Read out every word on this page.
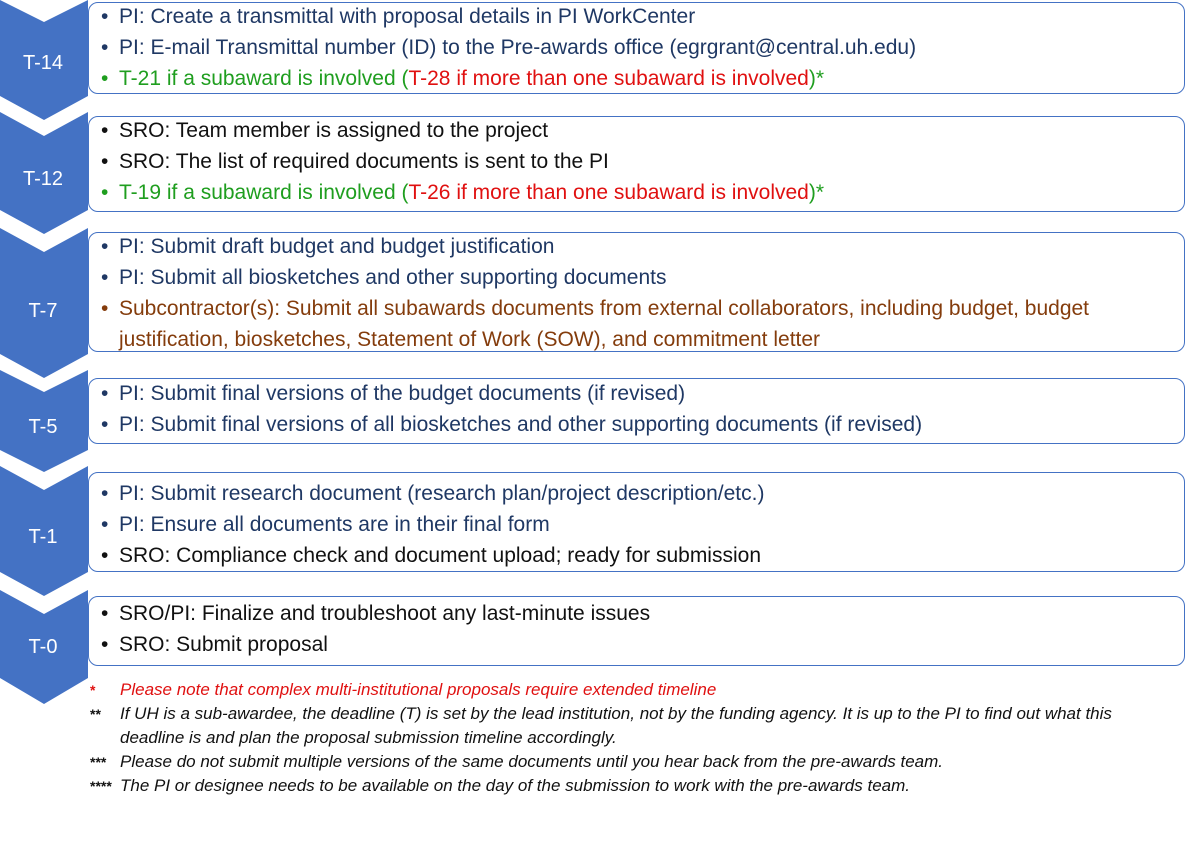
T-14
• PI: Create a transmittal with proposal details in PI WorkCenter
• PI: E-mail Transmittal number (ID) to the Pre-awards office (egrgrant@central.uh.edu)
• T-21 if a subaward is involved (T-28 if more than one subaward is involved)*
T-12
• SRO: Team member is assigned to the project
• SRO: The list of required documents is sent to the PI
• T-19 if a subaward is involved (T-26 if more than one subaward is involved)*
T-7
• PI: Submit draft budget and budget justification
• PI: Submit all biosketches and other supporting documents
• Subcontractor(s): Submit all subawards documents from external collaborators, including budget, budget justification, biosketches, Statement of Work (SOW), and commitment letter
T-5
• PI: Submit final versions of the budget documents (if revised)
• PI: Submit final versions of all biosketches and other supporting documents (if revised)
T-1
• PI: Submit research document (research plan/project description/etc.)
• PI: Ensure all documents are in their final form
• SRO: Compliance check and document upload; ready for submission
T-0
• SRO/PI: Finalize and troubleshoot any last-minute issues
• SRO: Submit proposal
* Please note that complex multi-institutional proposals require extended timeline
** If UH is a sub-awardee, the deadline (T) is set by the lead institution, not by the funding agency. It is up to the PI to find out what this deadline is and plan the proposal submission timeline accordingly.
*** Please do not submit multiple versions of the same documents until you hear back from the pre-awards team.
**** The PI or designee needs to be available on the day of the submission to work with the pre-awards team.
